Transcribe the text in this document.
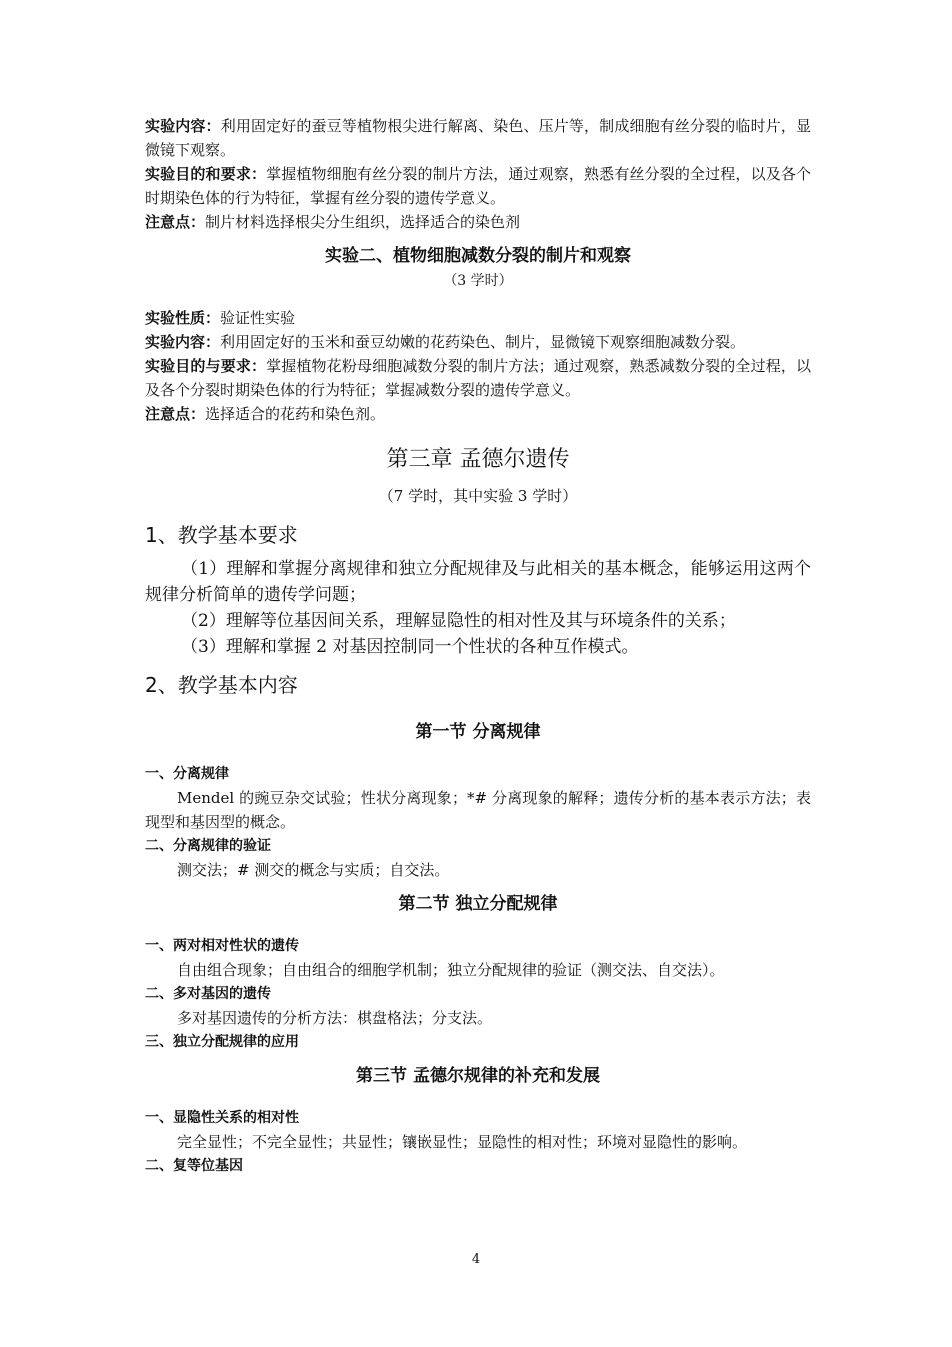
实验内容：利用固定好的蚕豆等植物根尖进行解离、染色、压片等，制成细胞有丝分裂的临时片，显微镜下观察。

实验目的和要求：掌握植物细胞有丝分裂的制片方法，通过观察，熟悉有丝分裂的全过程，以及各个时期染色体的行为特征，掌握有丝分裂的遗传学意义。

注意点：制片材料选择根尖分生组织，选择适合的染色剂

实验二、植物细胞减数分裂的制片和观察
（3 学时）

实验性质：验证性实验

实验内容：利用固定好的玉米和蚕豆幼嫩的花药染色、制片，显微镜下观察细胞减数分裂。

实验目的与要求：掌握植物花粉母细胞减数分裂的制片方法；通过观察，熟悉减数分裂的全过程，以及各个分裂时期染色体的行为特征；掌握减数分裂的遗传学意义。

注意点：选择适合的花药和染色剂。

第三章 孟德尔遗传
（7 学时，其中实验 3 学时）
1、教学基本要求

（1）理解和掌握分离规律和独立分配规律及与此相关的基本概念，能够运用这两个规律分析简单的遗传学问题；

（2）理解等位基因间关系，理解显隐性的相对性及其与环境条件的关系；

（3）理解和掌握 2 对基因控制同一个性状的各种互作模式。

2、教学基本内容
第一节 分离规律

一、分离规律

Mendel 的豌豆杂交试验；性状分离现象；*# 分离现象的解释；遗传分析的基本表示方法；表现型和基因型的概念。

二、分离规律的验证

测交法；# 测交的概念与实质；自交法。

第二节 独立分配规律

一、两对相对性状的遗传

自由组合现象；自由组合的细胞学机制；独立分配规律的验证（测交法、自交法）。

二、多对基因的遗传

多对基因遗传的分析方法：棋盘格法；分支法。

三、独立分配规律的应用

第三节 孟德尔规律的补充和发展

一、显隐性关系的相对性

完全显性；不完全显性；共显性；镶嵌显性；显隐性的相对性；环境对显隐性的影响。

二、复等位基因

4
